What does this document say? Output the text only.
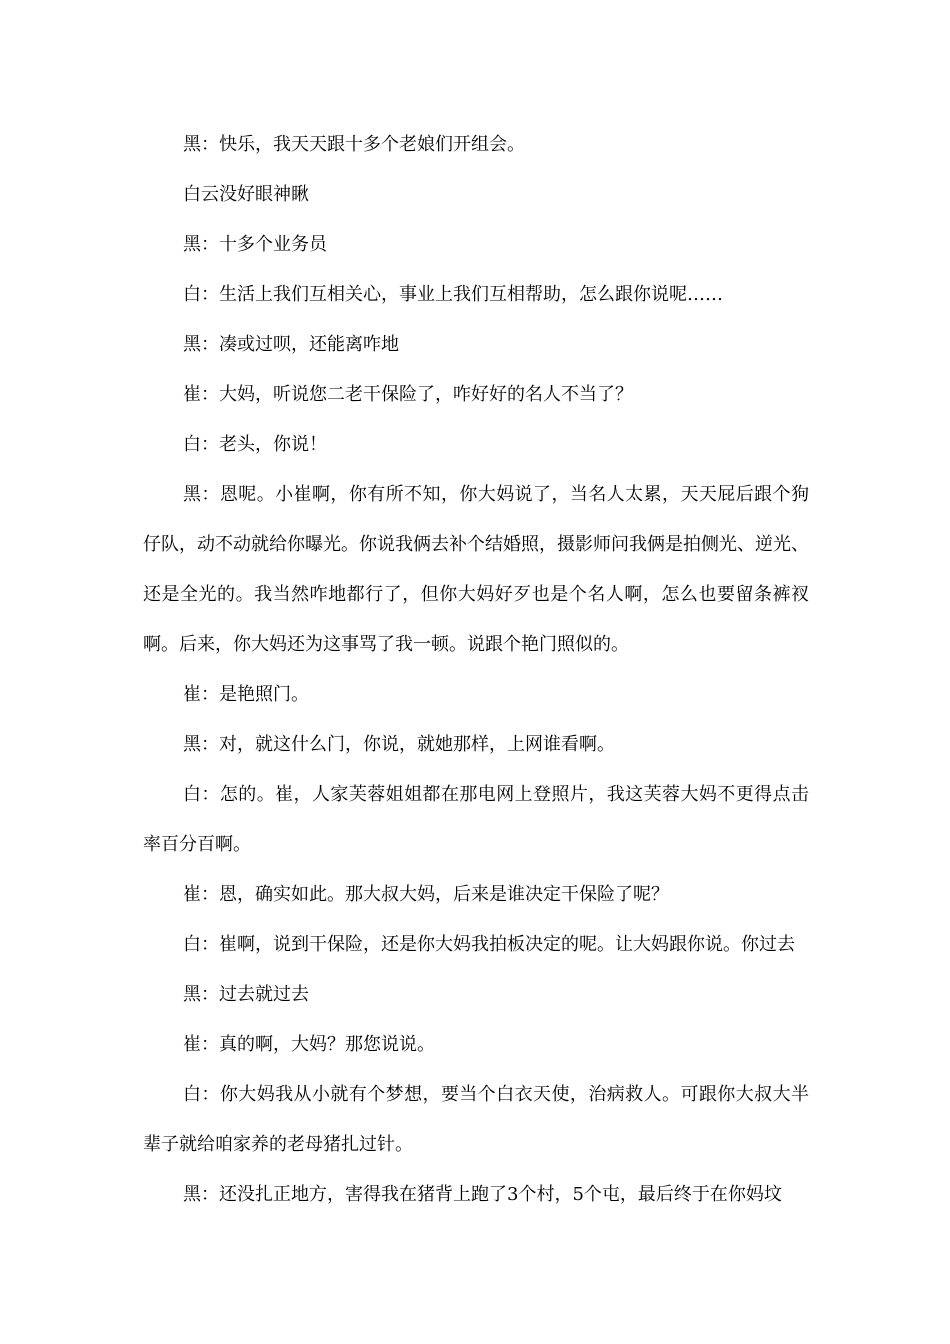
黑：快乐，我天天跟十多个老娘们开组会。

白云没好眼神瞅

黑：十多个业务员

白：生活上我们互相关心，事业上我们互相帮助，怎么跟你说呢……

黑：凑或过呗，还能离咋地

崔：大妈，听说您二老干保险了，咋好好的名人不当了？

白：老头，你说！

黑：恩呢。小崔啊，你有所不知，你大妈说了，当名人太累，天天屁后跟个狗仔队，动不动就给你曝光。你说我俩去补个结婚照，摄影师问我俩是拍侧光、逆光、还是全光的。我当然咋地都行了，但你大妈好歹也是个名人啊，怎么也要留条裤衩啊。后来，你大妈还为这事骂了我一顿。说跟个艳门照似的。

崔：是艳照门。

黑：对，就这什么门，你说，就她那样，上网谁看啊。

白：怎的。崔，人家芙蓉姐姐都在那电网上登照片，我这芙蓉大妈不更得点击率百分百啊。

崔：恩，确实如此。那大叔大妈，后来是谁决定干保险了呢？

白：崔啊，说到干保险，还是你大妈我拍板决定的呢。让大妈跟你说。你过去

黑：过去就过去

崔：真的啊，大妈？那您说说。

白：你大妈我从小就有个梦想，要当个白衣天使，治病救人。可跟你大叔大半辈子就给咱家养的老母猪扎过针。

黑：还没扎正地方，害得我在猪背上跑了3个村，5个屯，最后终于在你妈坟
